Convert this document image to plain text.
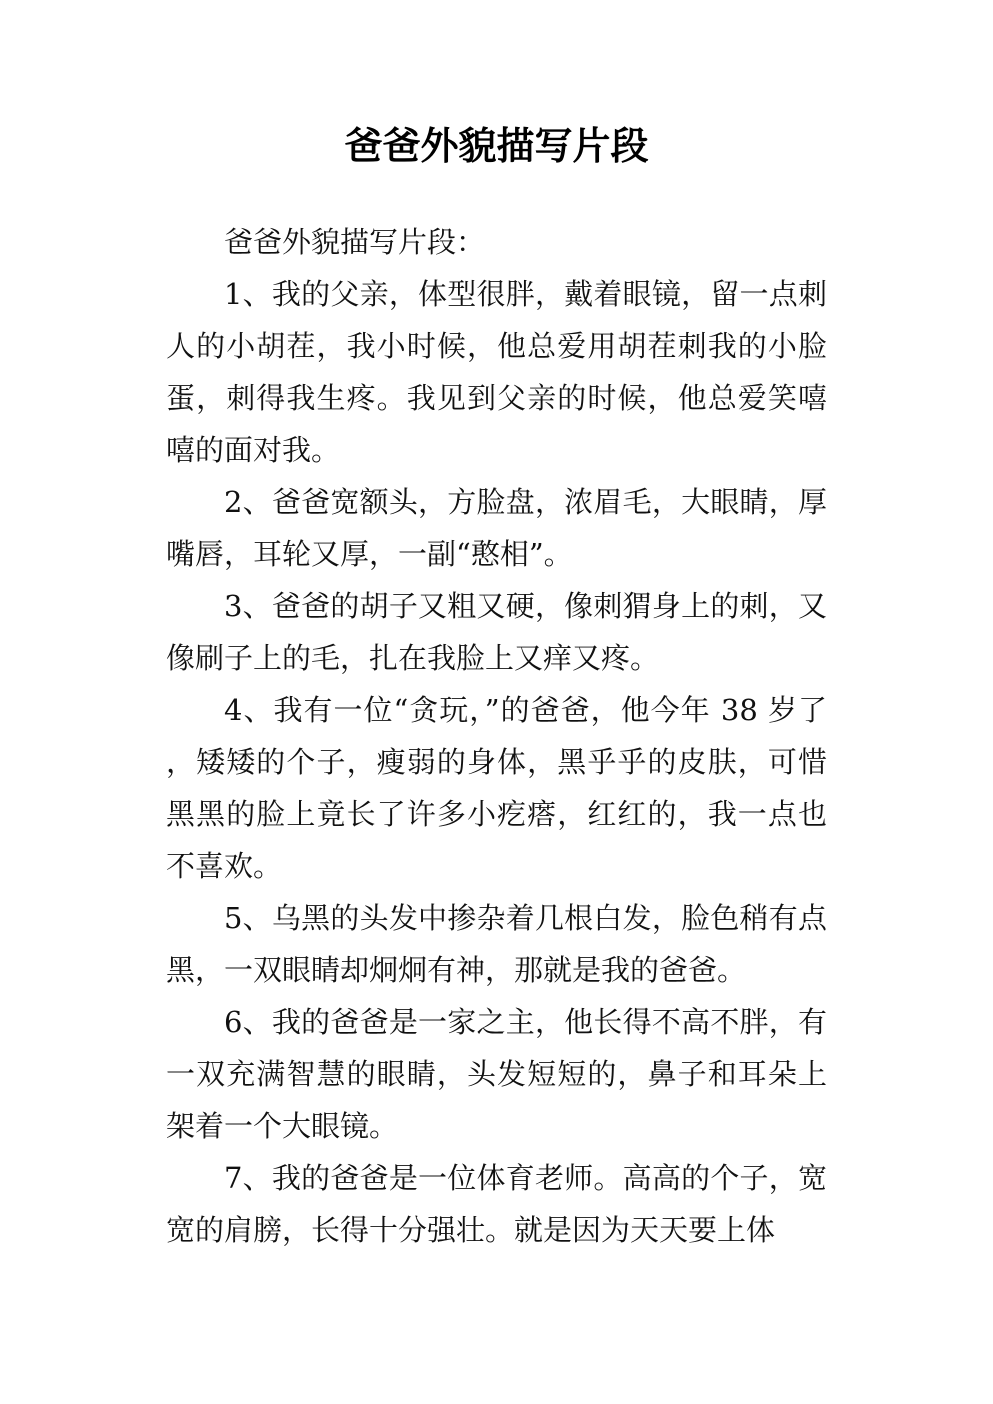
爸爸外貌描写片段

爸爸外貌描写片段：

1、我的父亲，体型很胖，戴着眼镜，留一点刺人的小胡茬，我小时候，他总爱用胡茬刺我的小脸蛋，刺得我生疼。我见到父亲的时候，他总爱笑嘻嘻的面对我。

2、爸爸宽额头，方脸盘，浓眉毛，大眼睛，厚嘴唇，耳轮又厚，一副“憨相”。

3、爸爸的胡子又粗又硬，像刺猬身上的刺，又像刷子上的毛，扎在我脸上又痒又疼。

4、我有一位“贪玩，”的爸爸，他今年 38 岁了，矮矮的个子，瘦弱的身体，黑乎乎的皮肤，可惜黑黑的脸上竟长了许多小疙瘩，红红的，我一点也不喜欢。

5、乌黑的头发中掺杂着几根白发，脸色稍有点黑，一双眼睛却炯炯有神，那就是我的爸爸。

6、我的爸爸是一家之主，他长得不高不胖，有一双充满智慧的眼睛，头发短短的，鼻子和耳朵上架着一个大眼镜。

7、我的爸爸是一位体育老师。高高的个子，宽宽的肩膀，长得十分强壮。就是因为天天要上体
